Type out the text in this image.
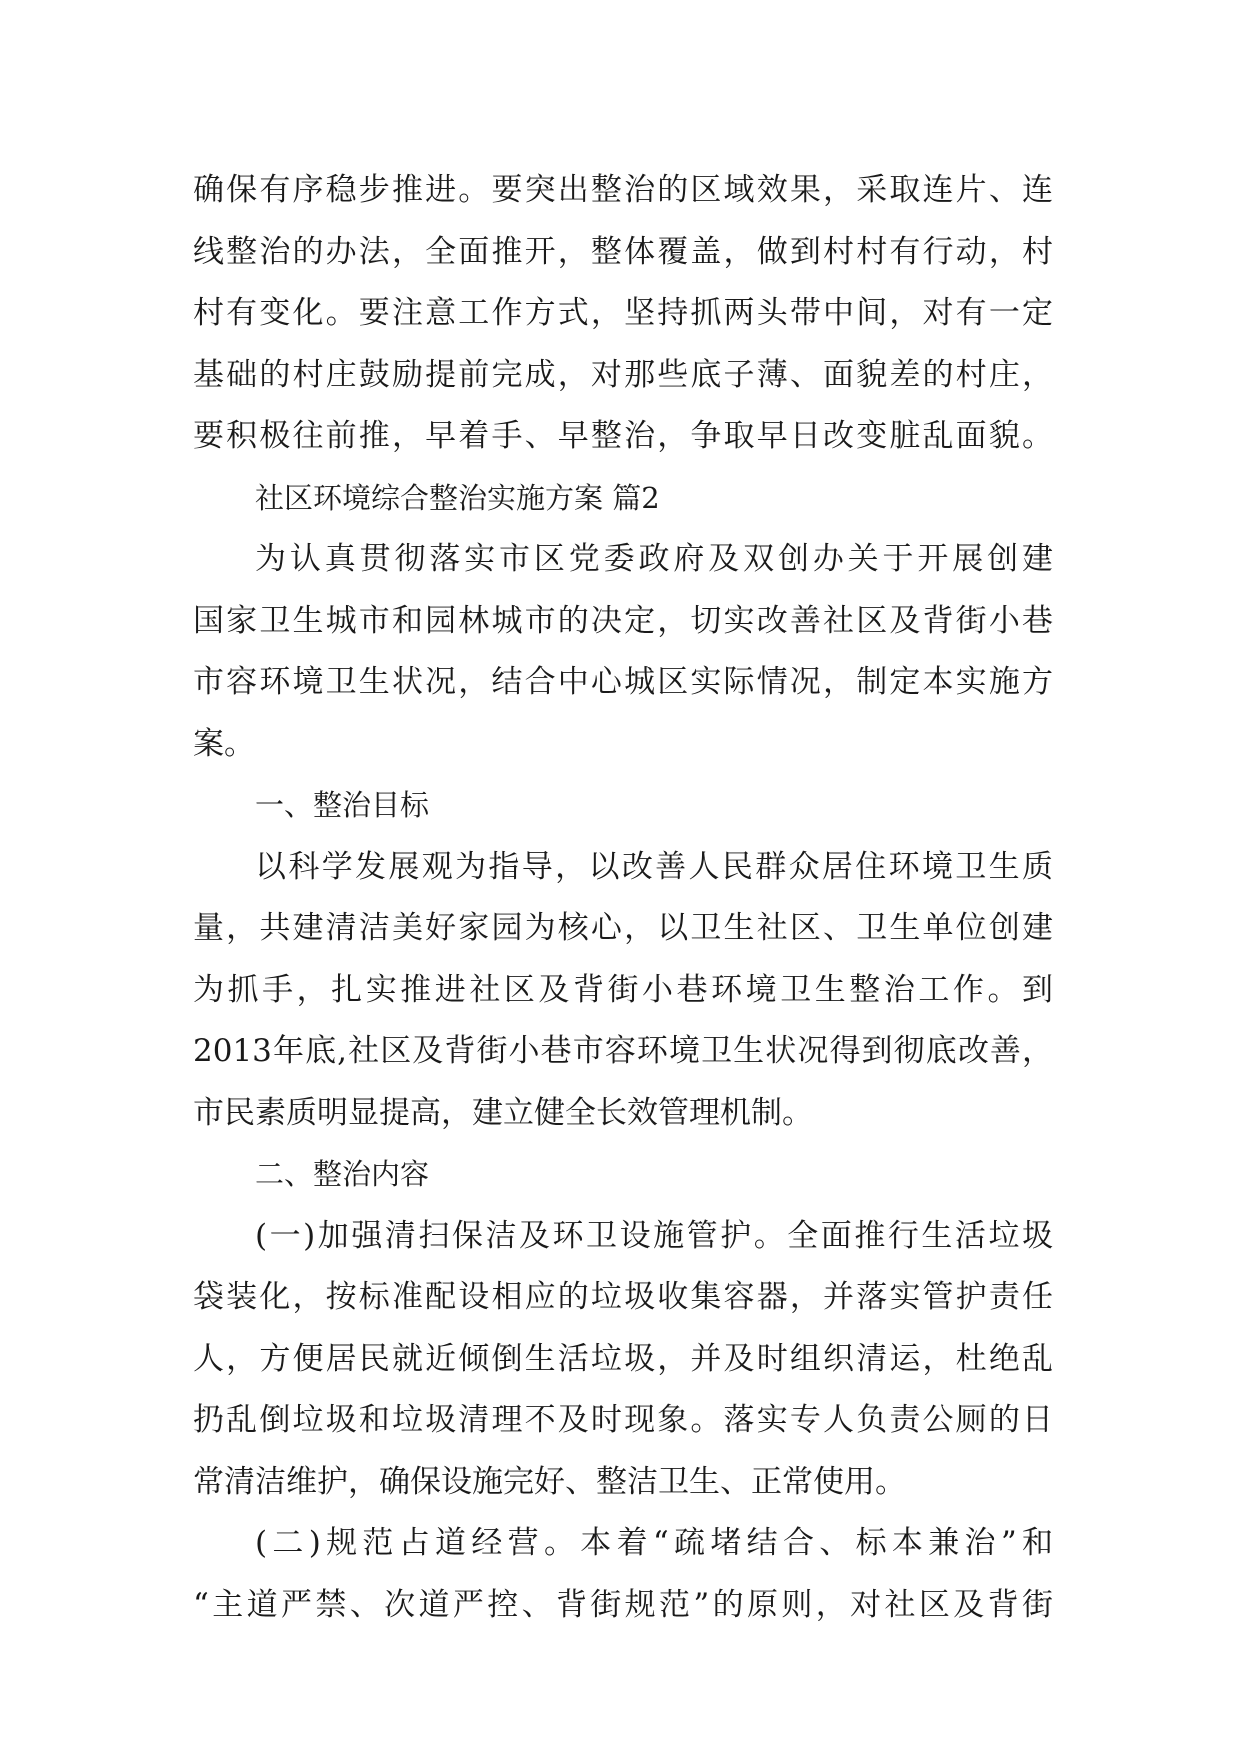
确保有序稳步推进。要突出整治的区域效果，采取连片、连
线整治的办法，全面推开，整体覆盖，做到村村有行动，村
村有变化。要注意工作方式，坚持抓两头带中间，对有一定
基础的村庄鼓励提前完成，对那些底子薄、面貌差的村庄，
要积极往前推，早着手、早整治，争取早日改变脏乱面貌。
社区环境综合整治实施方案 篇2
为认真贯彻落实市区党委政府及双创办关于开展创建
国家卫生城市和园林城市的决定，切实改善社区及背街小巷
市容环境卫生状况，结合中心城区实际情况，制定本实施方
案。
一、整治目标
以科学发展观为指导，以改善人民群众居住环境卫生质
量，共建清洁美好家园为核心，以卫生社区、卫生单位创建
为抓手，扎实推进社区及背街小巷环境卫生整治工作。到
2013年底,社区及背街小巷市容环境卫生状况得到彻底改善，
市民素质明显提高，建立健全长效管理机制。
二、整治内容
(一)加强清扫保洁及环卫设施管护。全面推行生活垃圾
袋装化，按标准配设相应的垃圾收集容器，并落实管护责任
人，方便居民就近倾倒生活垃圾，并及时组织清运，杜绝乱
扔乱倒垃圾和垃圾清理不及时现象。落实专人负责公厕的日
常清洁维护，确保设施完好、整洁卫生、正常使用。
(二)规范占道经营。本着“疏堵结合、标本兼治”和
“主道严禁、次道严控、背街规范”的原则，对社区及背街
